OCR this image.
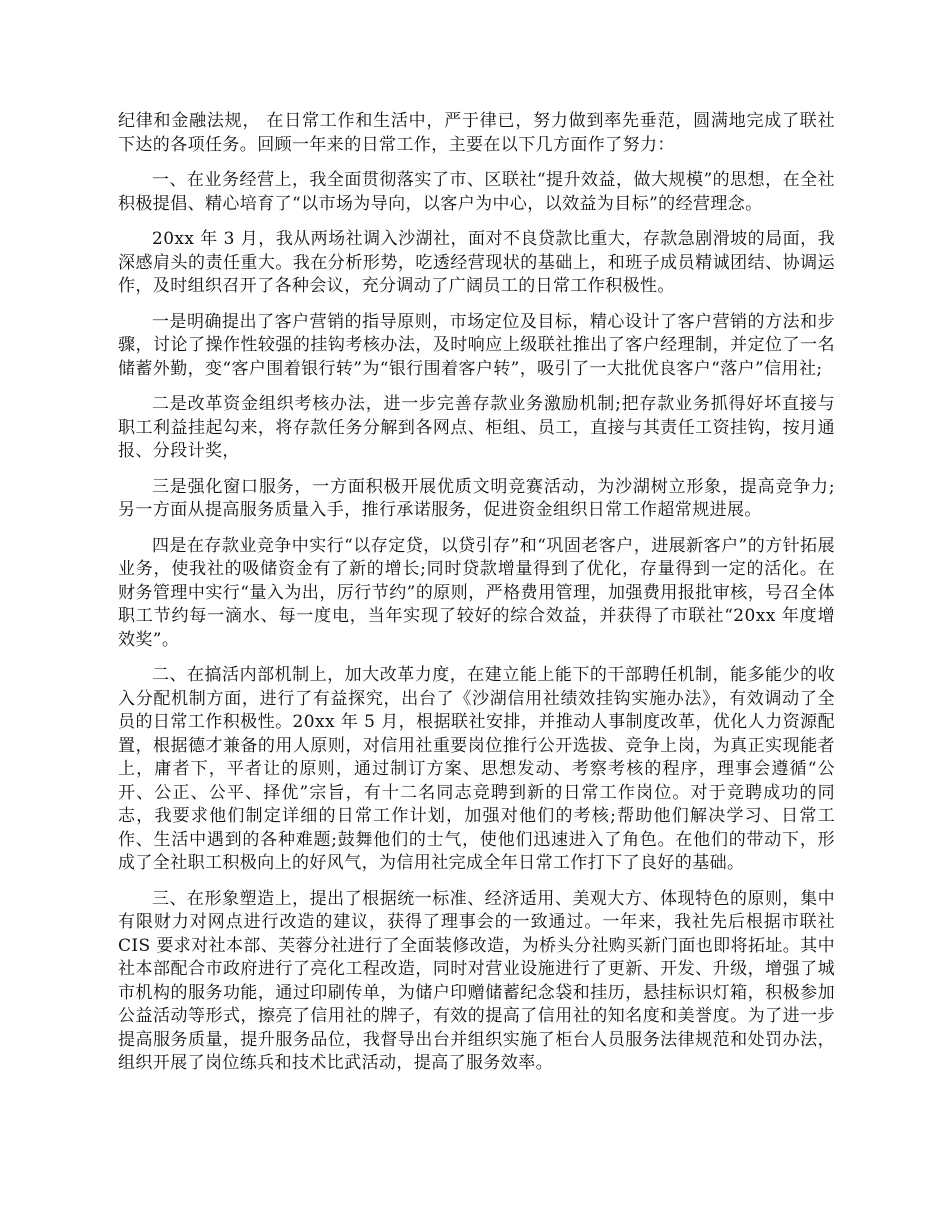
纪律和金融法规， 在日常工作和生活中，严于律已，努力做到率先垂范，圆满地完成了联社下达的各项任务。回顾一年来的日常工作，主要在以下几方面作了努力：

一、在业务经营上，我全面贯彻落实了市、区联社“提升效益，做大规模”的思想，在全社积极提倡、精心培育了“以市场为导向，以客户为中心，以效益为目标”的经营理念。

20xx 年 3 月，我从两场社调入沙湖社，面对不良贷款比重大，存款急剧滑坡的局面，我深感肩头的责任重大。我在分析形势，吃透经营现状的基础上，和班子成员精诚团结、协调运作，及时组织召开了各种会议，充分调动了广阔员工的日常工作积极性。

一是明确提出了客户营销的指导原则，市场定位及目标，精心设计了客户营销的方法和步骤，讨论了操作性较强的挂钩考核办法，及时响应上级联社推出了客户经理制，并定位了一名储蓄外勤，变“客户围着银行转”为“银行围着客户转”，吸引了一大批优良客户“落户”信用社;

二是改革资金组织考核办法，进一步完善存款业务激励机制;把存款业务抓得好坏直接与职工利益挂起勾来，将存款任务分解到各网点、柜组、员工，直接与其责任工资挂钩，按月通报、分段计奖，

三是强化窗口服务，一方面积极开展优质文明竞赛活动，为沙湖树立形象，提高竞争力;另一方面从提高服务质量入手，推行承诺服务，促进资金组织日常工作超常规进展。

四是在存款业竞争中实行“以存定贷，以贷引存”和“巩固老客户，进展新客户”的方针拓展业务，使我社的吸储资金有了新的增长;同时贷款增量得到了优化，存量得到一定的活化。在财务管理中实行“量入为出，厉行节约”的原则，严格费用管理，加强费用报批审核，号召全体职工节约每一滴水、每一度电，当年实现了较好的综合效益，并获得了市联社“20xx 年度增效奖”。

二、在搞活内部机制上，加大改革力度，在建立能上能下的干部聘任机制，能多能少的收入分配机制方面，进行了有益探究，出台了《沙湖信用社绩效挂钩实施办法》，有效调动了全员的日常工作积极性。20xx 年 5 月，根据联社安排，并推动人事制度改革，优化人力资源配置，根据德才兼备的用人原则，对信用社重要岗位推行公开选拔、竞争上岗，为真正实现能者上，庸者下，平者让的原则，通过制订方案、思想发动、考察考核的程序，理事会遵循“公开、公正、公平、择优”宗旨，有十二名同志竞聘到新的日常工作岗位。对于竞聘成功的同志，我要求他们制定详细的日常工作计划，加强对他们的考核;帮助他们解决学习、日常工作、生活中遇到的各种难题;鼓舞他们的士气，使他们迅速进入了角色。在他们的带动下，形成了全社职工积极向上的好风气，为信用社完成全年日常工作打下了良好的基础。

三、在形象塑造上，提出了根据统一标准、经济适用、美观大方、体现特色的原则，集中有限财力对网点进行改造的建议，获得了理事会的一致通过。一年来，我社先后根据市联社 CIS 要求对社本部、芙蓉分社进行了全面装修改造，为桥头分社购买新门面也即将拓址。其中社本部配合市政府进行了亮化工程改造，同时对营业设施进行了更新、开发、升级，增强了城市机构的服务功能，通过印刷传单，为储户印赠储蓄纪念袋和挂历，悬挂标识灯箱，积极参加公益活动等形式，擦亮了信用社的牌子，有效的提高了信用社的知名度和美誉度。为了进一步提高服务质量，提升服务品位，我督导出台并组织实施了柜台人员服务法律规范和处罚办法，组织开展了岗位练兵和技术比武活动，提高了服务效率。
